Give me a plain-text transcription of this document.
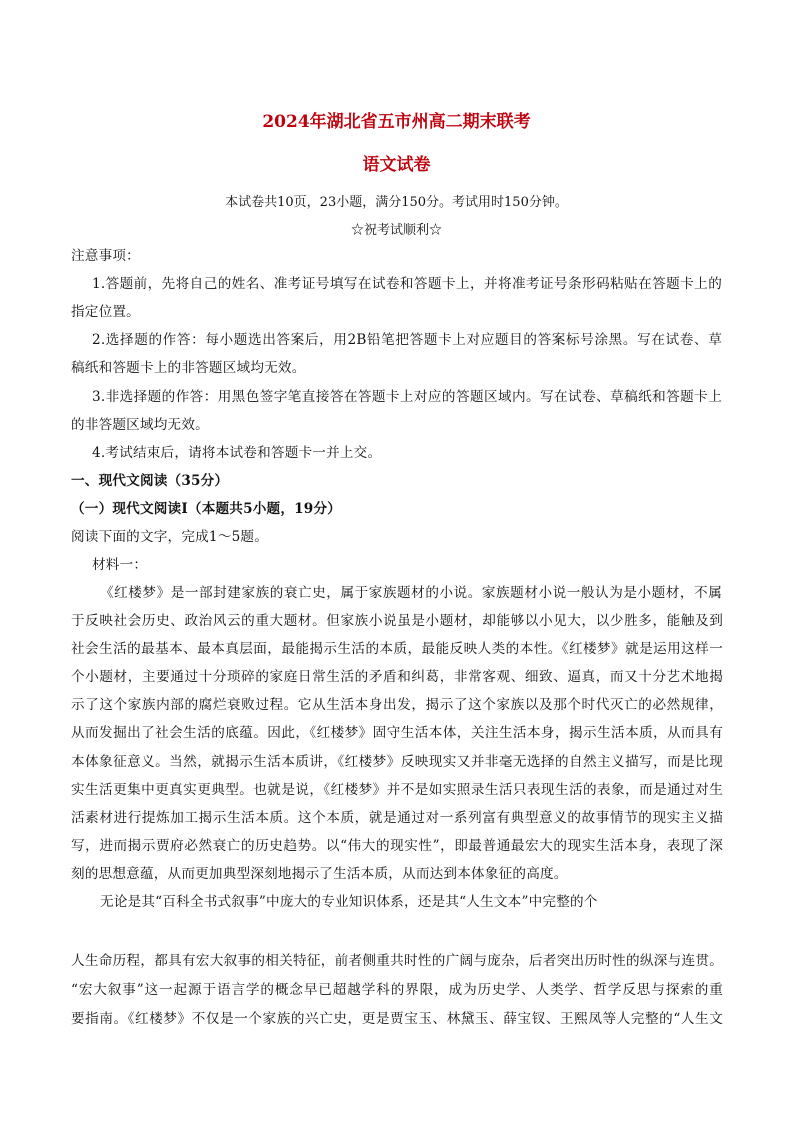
2024年湖北省五市州高二期末联考
语文试卷
本试卷共10页，23小题，满分150分。考试用时150分钟。
☆祝考试顺利☆
注意事项：
1.答题前，先将自己的姓名、准考证号填写在试卷和答题卡上，并将准考证号条形码粘贴在答题卡上的
指定位置。
2.选择题的作答：每小题选出答案后，用2B铅笔把答题卡上对应题目的答案标号涂黑。写在试卷、草
稿纸和答题卡上的非答题区域均无效。
3.非选择题的作答：用黑色签字笔直接答在答题卡上对应的答题区域内。写在试卷、草稿纸和答题卡上
的非答题区域均无效。
4.考试结束后，请将本试卷和答题卡一并上交。
一、现代文阅读（35分）
（一）现代文阅读Ⅰ（本题共5小题，19分）
阅读下面的文字，完成1～5题。
材料一：
《红楼梦》是一部封建家族的衰亡史，属于家族题材的小说。家族题材小说一般认为是小题材，不属
于反映社会历史、政治风云的重大题材。但家族小说虽是小题材，却能够以小见大，以少胜多，能触及到
社会生活的最基本、最本真层面，最能揭示生活的本质，最能反映人类的本性。《红楼梦》就是运用这样一
个小题材，主要通过十分琐碎的家庭日常生活的矛盾和纠葛，非常客观、细致、逼真，而又十分艺术地揭
示了这个家族内部的腐烂衰败过程。它从生活本身出发，揭示了这个家族以及那个时代灭亡的必然规律，
从而发掘出了社会生活的底蕴。因此，《红楼梦》固守生活本体，关注生活本身，揭示生活本质，从而具有
本体象征意义。当然，就揭示生活本质讲，《红楼梦》反映现实又并非毫无选择的自然主义描写，而是比现
实生活更集中更真实更典型。也就是说，《红楼梦》并不是如实照录生活只表现生活的表象，而是通过对生
活素材进行提炼加工揭示生活本质。这个本质，就是通过对一系列富有典型意义的故事情节的现实主义描
写，进而揭示贾府必然衰亡的历史趋势。以“伟大的现实性”，即最普通最宏大的现实生活本身，表现了深
刻的思想意蕴，从而更加典型深刻地揭示了生活本质，从而达到本体象征的高度。
无论是其“百科全书式叙事”中庞大的专业知识体系，还是其“人生文本”中完整的个
人生命历程，都具有宏大叙事的相关特征，前者侧重共时性的广阔与庞杂，后者突出历时性的纵深与连贯。
“宏大叙事”这一起源于语言学的概念早已超越学科的界限，成为历史学、人类学、哲学反思与探索的重
要指南。《红楼梦》不仅是一个家族的兴亡史，更是贾宝玉、林黛玉、薛宝钗、王熙凤等人完整的“人生文
